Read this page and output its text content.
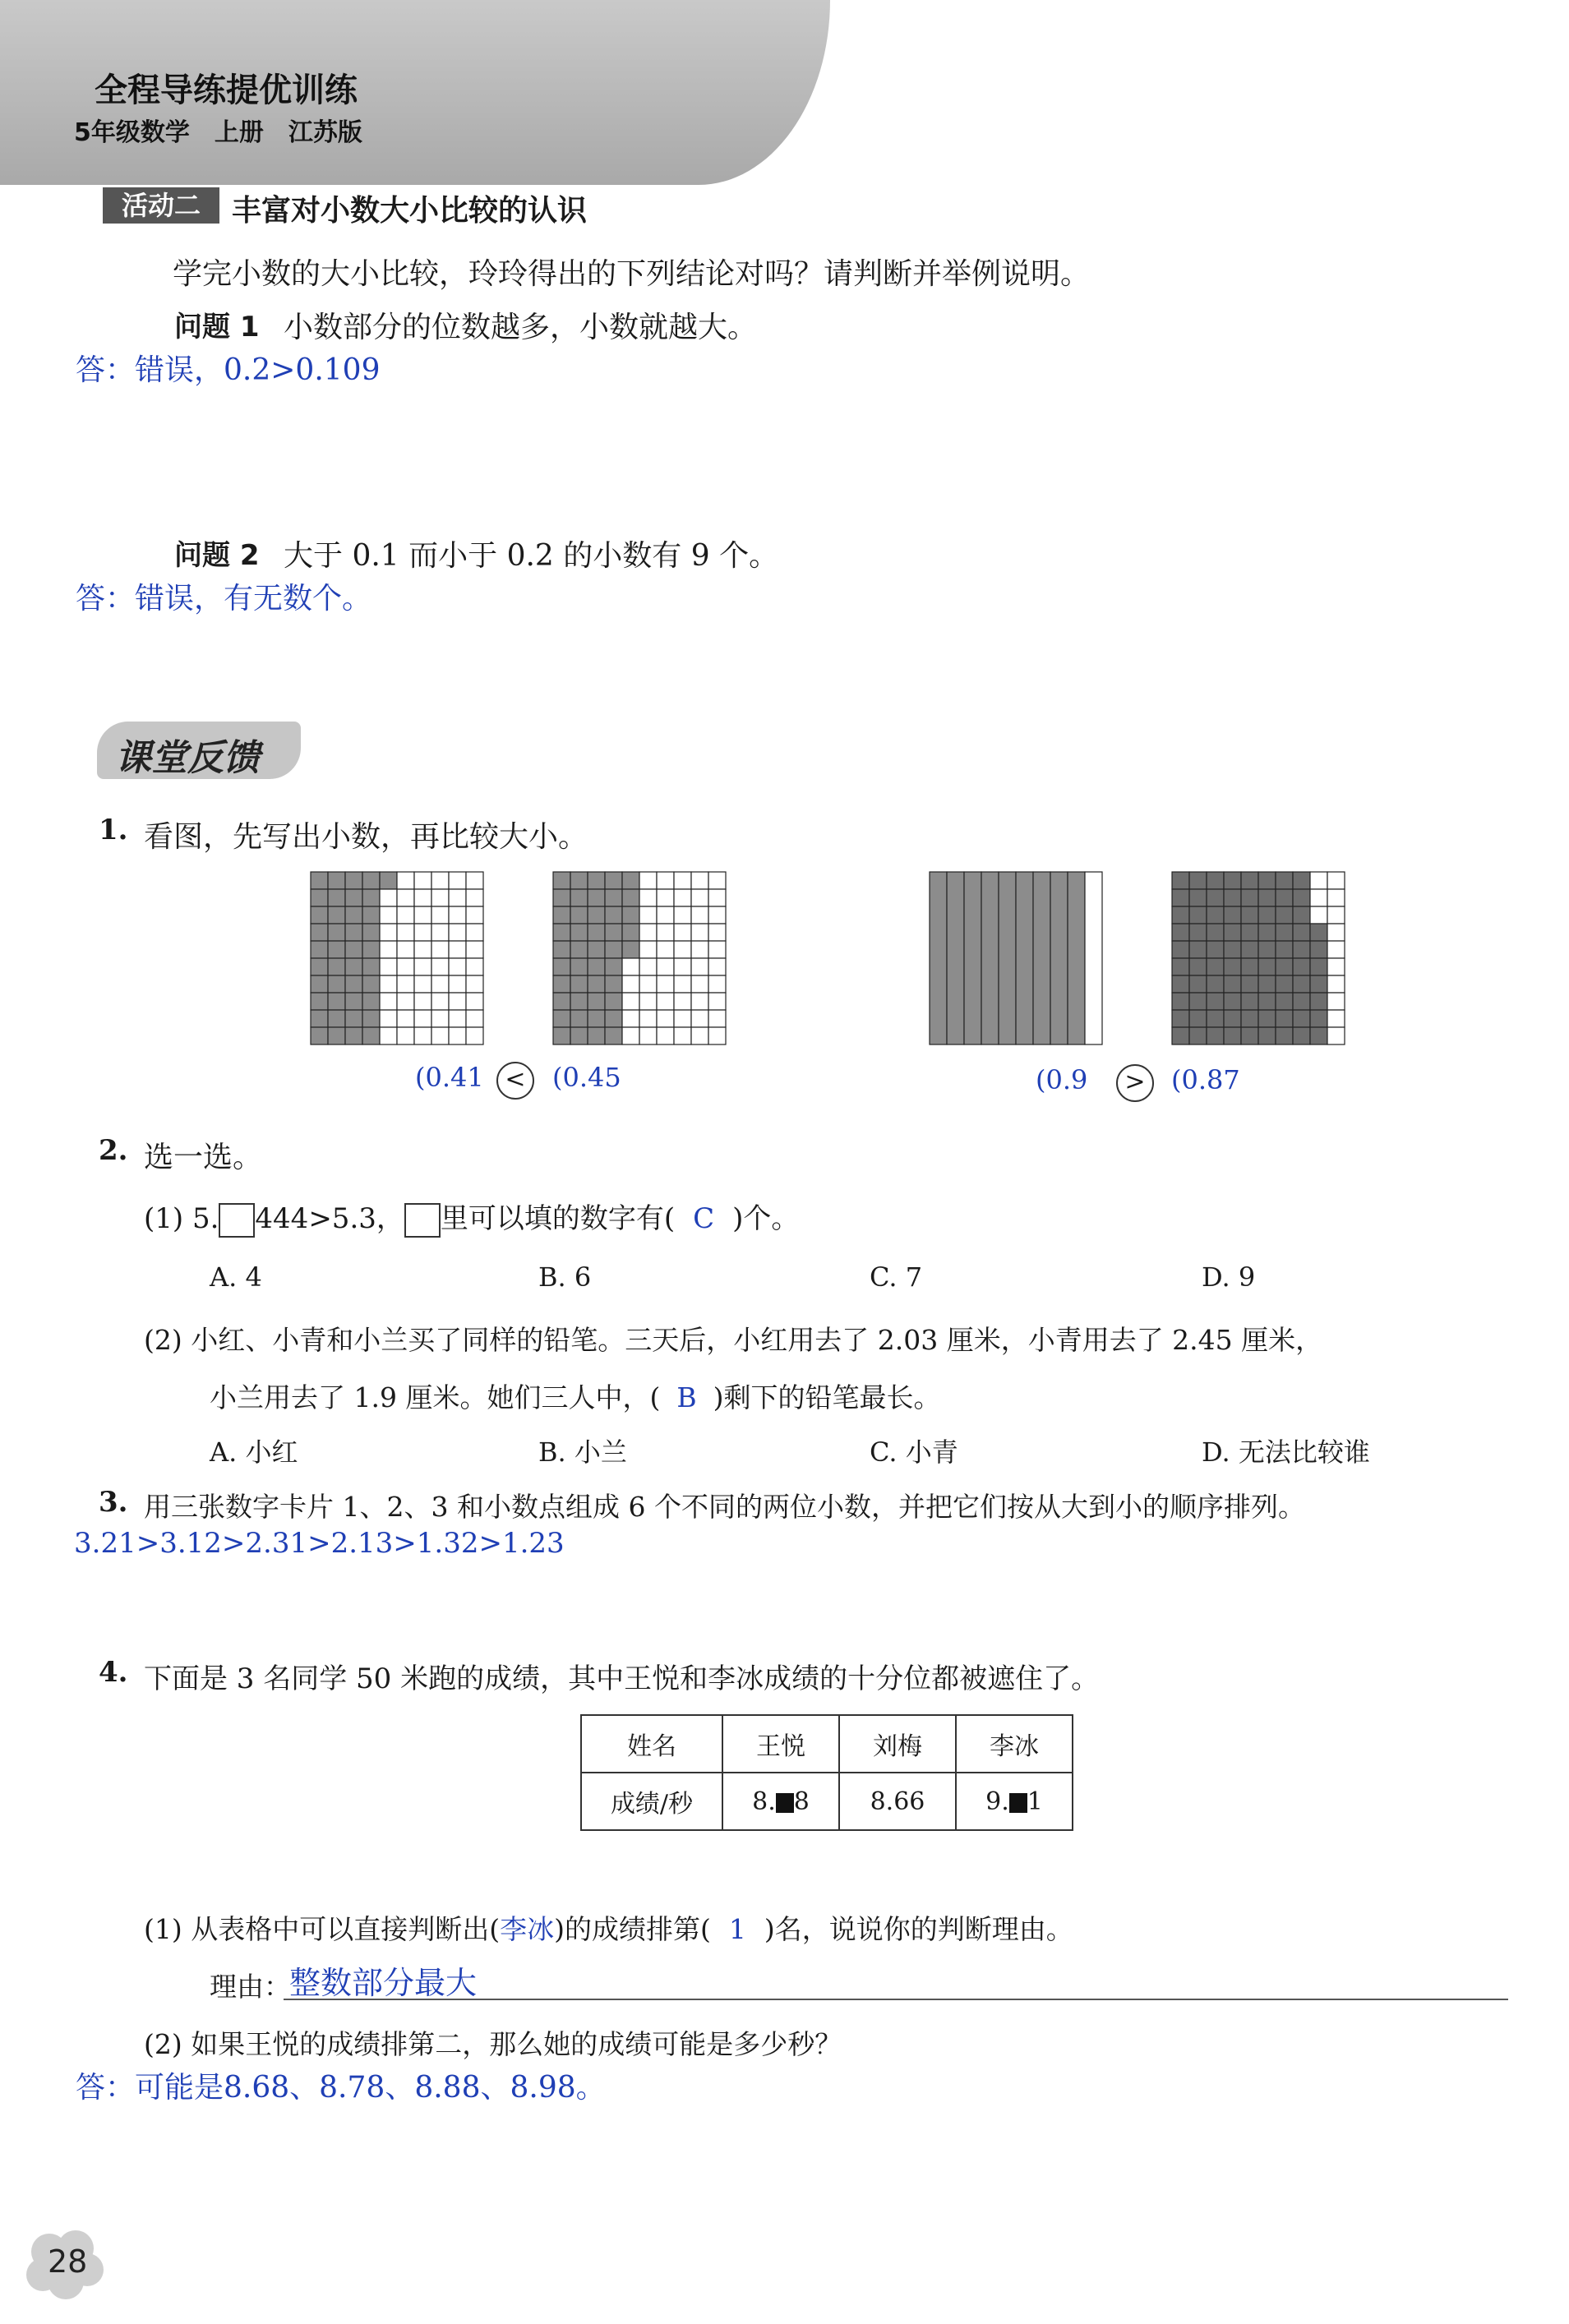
全程导练提优训练
5年级数学　上册　江苏版
活动二	丰富对小数大小比较的认识
学完小数的大小比较，玲玲得出的下列结论对吗？请判断并举例说明。
问题 1 小数部分的位数越多，小数就越大。
答：错误，0.2>0.109
问题 2 大于 0.1 而小于 0.2 的小数有 9 个。
答：错误，有无数个。
课堂反馈
1. 看图，先写出小数，再比较大小。
(0.41 <	(0.45	(0.9	> (0.87
2. 选一选。
(1) 5. 444>5.3， 里可以填的数字有( C )个。
A. 4	B. 6	C. 7	D. 9
(2) 小红、小青和小兰买了同样的铅笔。三天后，小红用去了 2.03 厘米，小青用去了 2.45 厘米，
小兰用去了 1.9 厘米。她们三人中，( B )剩下的铅笔最长。
A. 小红	B. 小兰	C. 小青	D. 无法比较谁
3. 用三张数字卡片 1、2、3 和小数点组成 6 个不同的两位小数，并把它们按从大到小的顺序排列。
3.21>3.12>2.31>2.13>1.32>1.23
4. 下面是 3 名同学 50 米跑的成绩，其中王悦和李冰成绩的十分位都被遮住了。
姓名	王悦	刘梅	李冰
成绩/秒	8. 8	8.66	9. 1
(1) 从表格中可以直接判断出(李冰)的成绩排第( 1 )名，说说你的判断理由。
理由：
整数部分最大
(2) 如果王悦的成绩排第二，那么她的成绩可能是多少秒？
答：可能是8.68、8.78、8.88、8.98。
28
